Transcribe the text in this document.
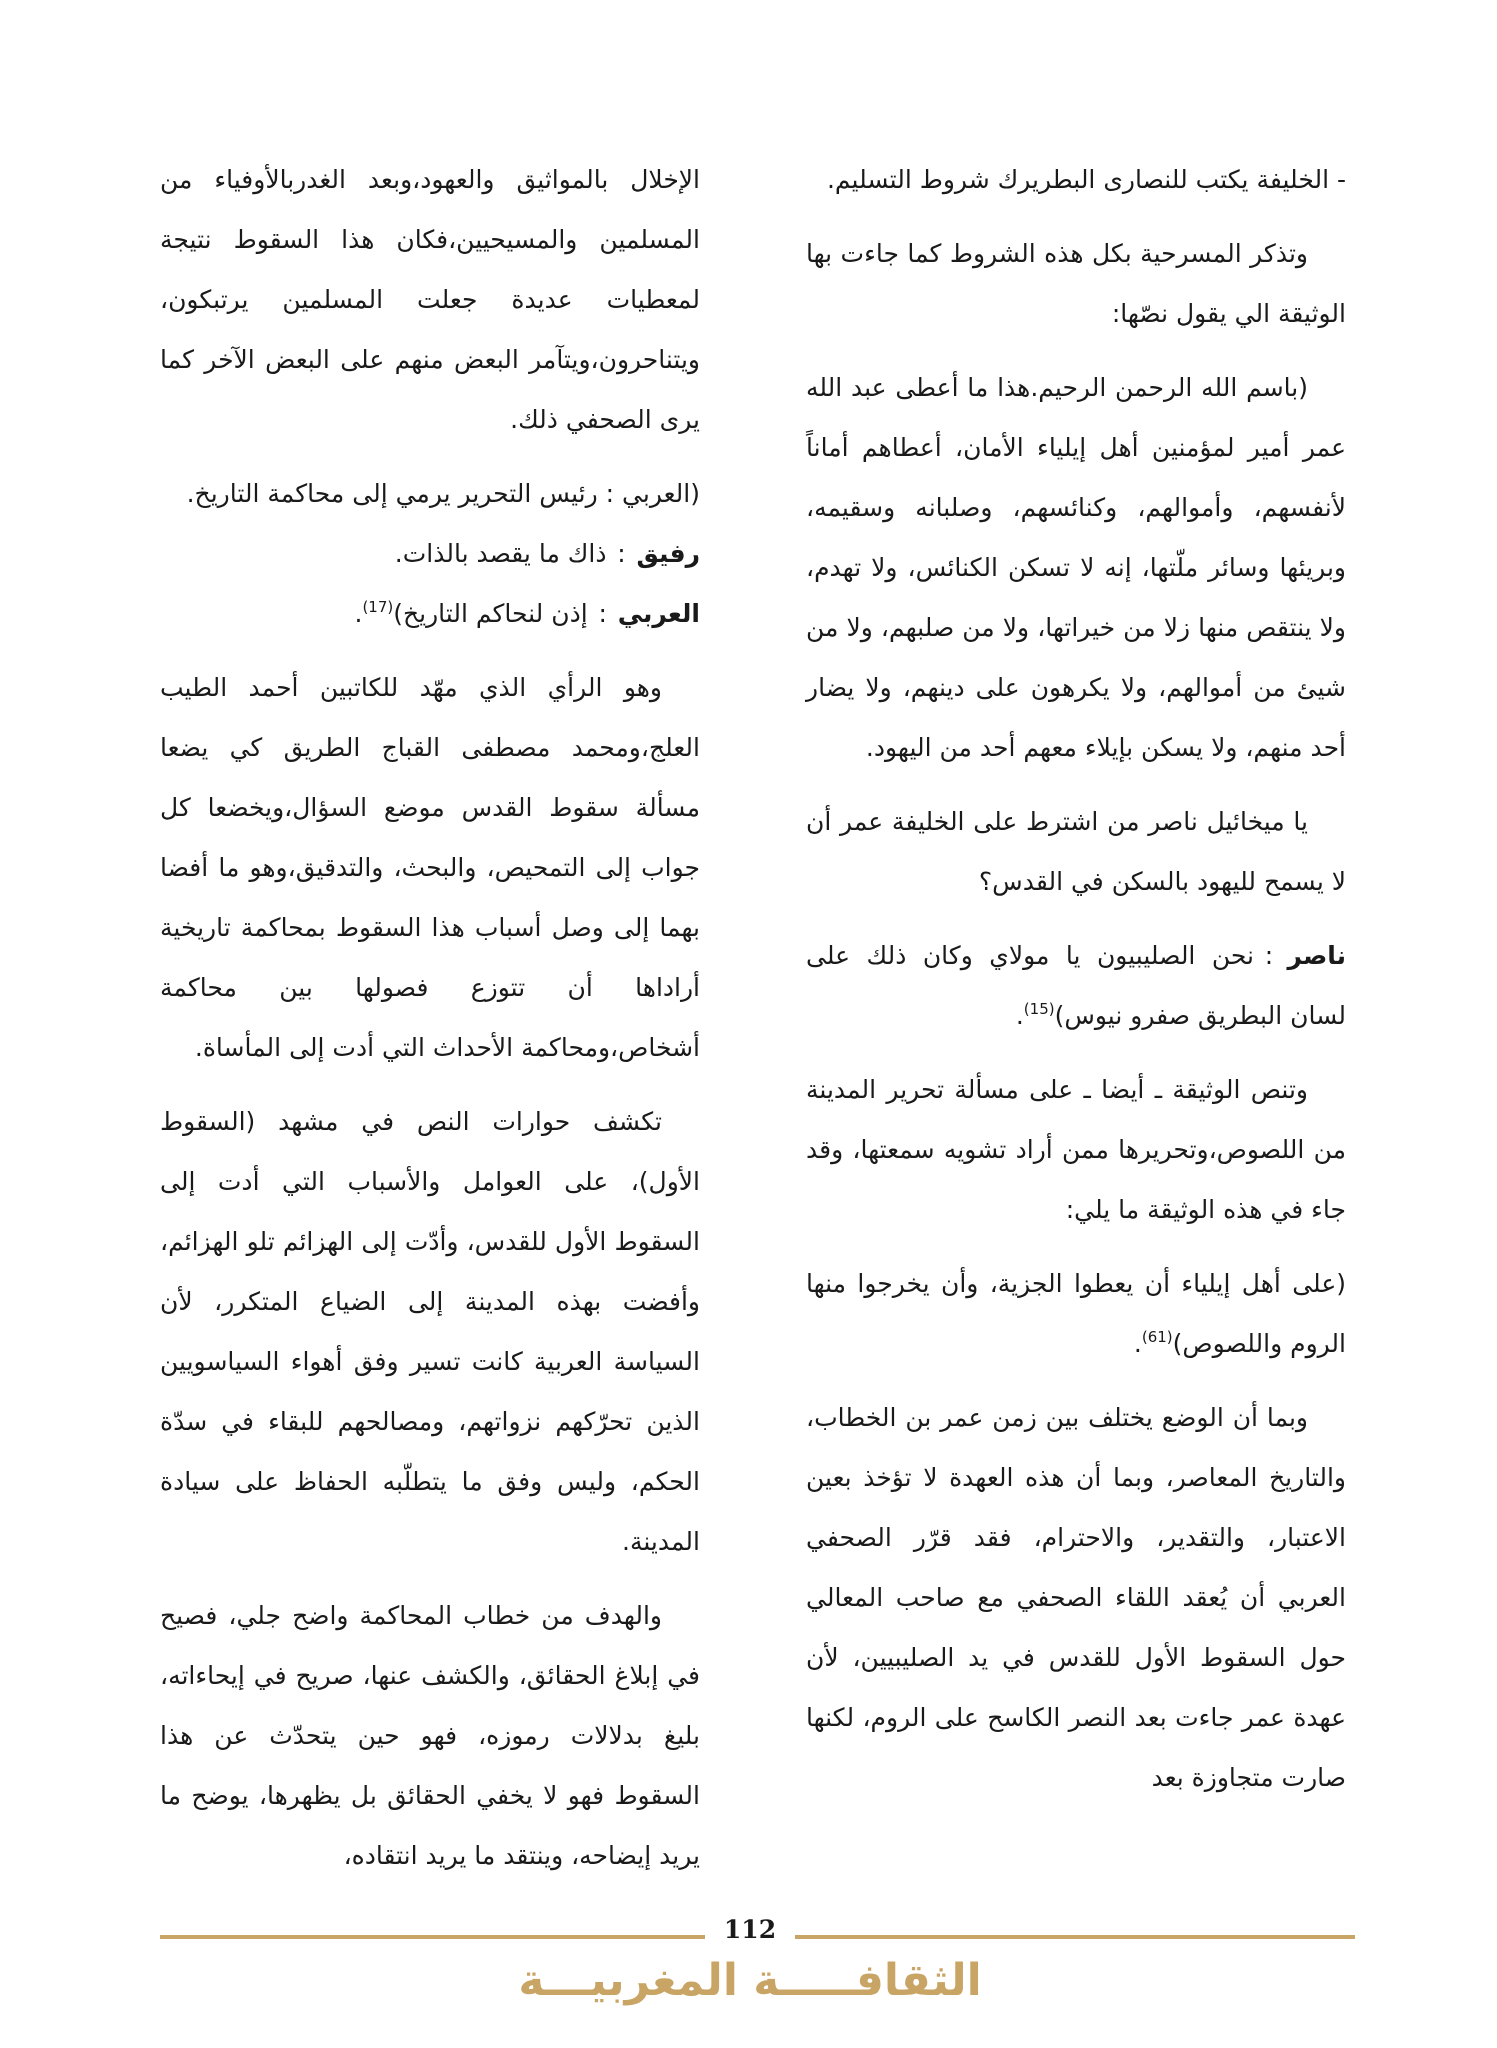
- الخليفة يكتب للنصارى البطريرك شروط التسليم.

وتذكر المسرحية بكل هذه الشروط كما جاءت بها الوثيقة الي يقول نصّها:

(باسم الله الرحمن الرحيم.هذا ما أعطى عبد الله عمر أمير لمؤمنين أهل إيلياء الأمان، أعطاهم أماناً لأنفسهم، وأموالهم، وكنائسهم، وصلبانه وسقيمه، وبريئها وسائر ملّتها، إنه لا تسكن الكنائس، ولا تهدم، ولا ينتقص منها زلا من خيراتها، ولا من صلبهم، ولا من شيئ من أموالهم، ولا يكرهون على دينهم، ولا يضار أحد منهم، ولا يسكن بإيلاء معهم أحد من اليهود.

يا ميخائيل ناصر من اشترط على الخليفة عمر أن لا يسمح لليهود بالسكن في القدس؟

ناصر:نحن الصليبيون يا مولاي وكان ذلك على لسان البطريق صفرو نيوس)$^{(15)}$.

وتنص الوثيقة ـ أيضا ـ على مسألة تحرير المدينة من اللصوص،وتحريرها ممن أراد تشويه سمعتها، وقد جاء في هذه الوثيقة ما يلي:

(على أهل إيلياء أن يعطوا الجزية، وأن يخرجوا منها الروم واللصوص)$^{(61)}$.

وبما أن الوضع يختلف بين زمن عمر بن الخطاب، والتاريخ المعاصر، وبما أن هذه العهدة لا تؤخذ بعين الاعتبار، والتقدير، والاحترام، فقد قرّر الصحفي العربي أن يُعقد اللقاء الصحفي مع صاحب المعالي حول السقوط الأول للقدس في يد الصليبيين، لأن عهدة عمر جاءت بعد النصر الكاسح على الروم، لكنها صارت متجاوزة بعد

الإخلال بالمواثيق والعهود،وبعد الغدربالأوفياء من المسلمين والمسيحيين،فكان هذا السقوط نتيجة لمعطيات عديدة جعلت المسلمين يرتبكون، ويتناحرون،ويتآمر البعض منهم على البعض الآخر كما يرى الصحفي ذلك.

(العربي : رئيس التحرير يرمي إلى محاكمة التاريخ.

رفيق:ذاك ما يقصد بالذات.

العربي:إذن لنحاكم التاريخ)$^{(17)}$.

وهو الرأي الذي مهّد للكاتبين أحمد الطيب العلج،ومحمد مصطفى القباج الطريق كي يضعا مسألة سقوط القدس موضع السؤال،ويخضعا كل جواب إلى التمحيص، والبحث، والتدقيق،وهو ما أفضا بهما إلى وصل أسباب هذا السقوط بمحاكمة تاريخية أراداها أن تتوزع فصولها بين محاكمة أشخاص،ومحاكمة الأحداث التي أدت إلى المأساة.

تكشف حوارات النص في مشهد (السقوط الأول)، على العوامل والأسباب التي أدت إلى السقوط الأول للقدس، وأدّت إلى الهزائم تلو الهزائم، وأفضت بهذه المدينة إلى الضياع المتكرر، لأن السياسة العربية كانت تسير وفق أهواء السياسويين الذين تحرّكهم نزواتهم، ومصالحهم للبقاء في سدّة الحكم، وليس وفق ما يتطلّبه الحفاظ على سيادة المدينة.

والهدف من خطاب المحاكمة واضح جلي، فصيح في إبلاغ الحقائق، والكشف عنها، صريح في إيحاءاته، بليغ بدلالات رموزه، فهو حين يتحدّث عن هذا السقوط فهو لا يخفي الحقائق بل يظهرها، يوضح ما يريد إيضاحه، وينتقد ما يريد انتقاده،

112
الثقافـــــة المغربيـــة
